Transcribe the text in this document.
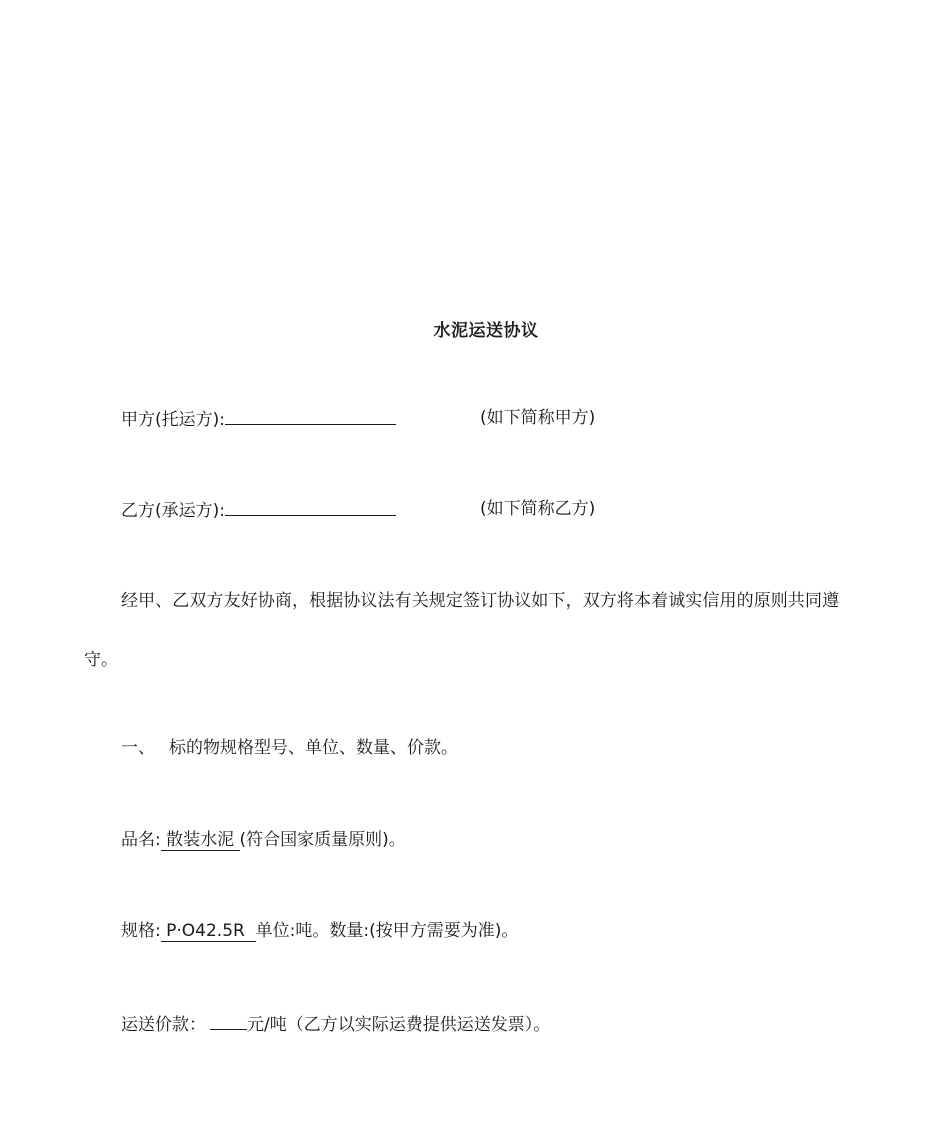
水泥运送协议
甲方(托运方):	(如下简称甲方)
乙方(承运方):	(如下简称乙方)
经甲、乙双方友好协商，根据协议法有关规定签订协议如下，双方将本着诚实信用的原则共同遵
守。
一、 标的物规格型号、单位、数量、价款。
品名: 散装水泥 (符合国家质量原则)。
规格: P·O42.5R  单位:吨。数量:(按甲方需要为准)。
运送价款： 元/吨（乙方以实际运费提供运送发票）。
